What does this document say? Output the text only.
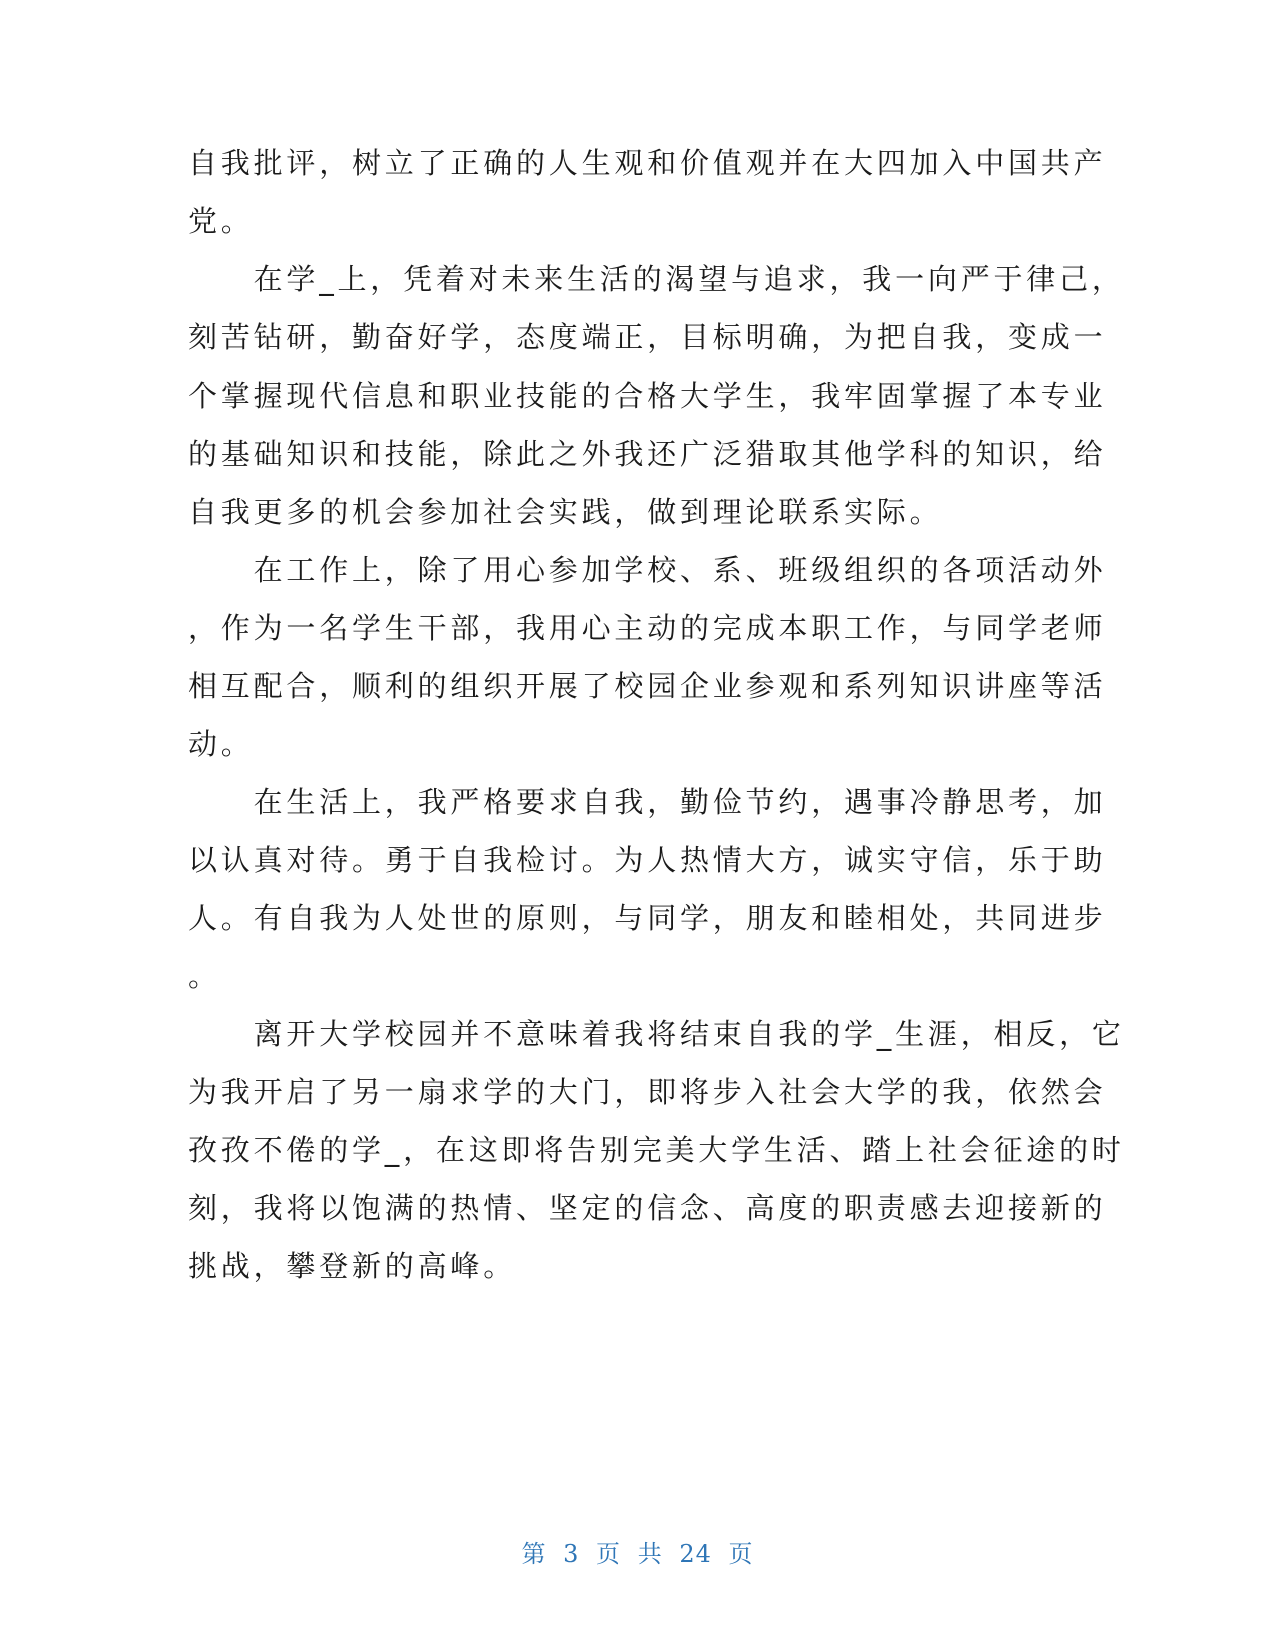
自我批评，树立了正确的人生观和价值观并在大四加入中国共产
党。
　　在学_上，凭着对未来生活的渴望与追求，我一向严于律己，
刻苦钻研，勤奋好学，态度端正，目标明确，为把自我，变成一
个掌握现代信息和职业技能的合格大学生，我牢固掌握了本专业
的基础知识和技能，除此之外我还广泛猎取其他学科的知识，给
自我更多的机会参加社会实践，做到理论联系实际。
　　在工作上，除了用心参加学校、系、班级组织的各项活动外
，作为一名学生干部，我用心主动的完成本职工作，与同学老师
相互配合，顺利的组织开展了校园企业参观和系列知识讲座等活
动。
　　在生活上，我严格要求自我，勤俭节约，遇事冷静思考，加
以认真对待。勇于自我检讨。为人热情大方，诚实守信，乐于助
人。有自我为人处世的原则，与同学，朋友和睦相处，共同进步
。
　　离开大学校园并不意味着我将结束自我的学_生涯，相反，它
为我开启了另一扇求学的大门，即将步入社会大学的我，依然会
孜孜不倦的学_，在这即将告别完美大学生活、踏上社会征途的时
刻，我将以饱满的热情、坚定的信念、高度的职责感去迎接新的
挑战，攀登新的高峰。
第 3 页 共 24 页
